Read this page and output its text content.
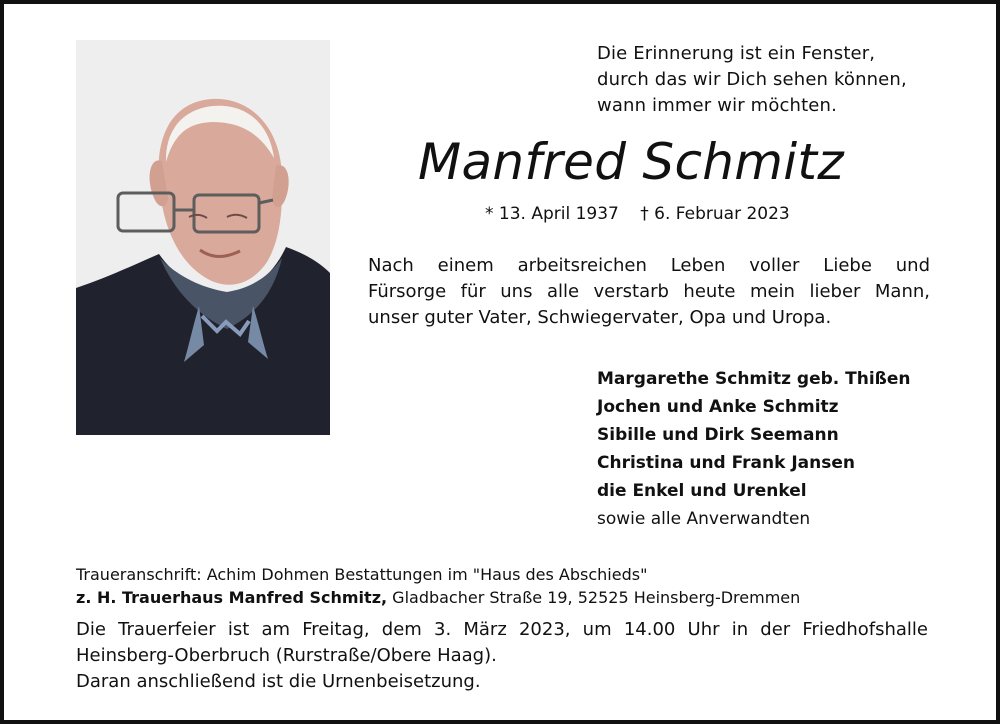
Die Erinnerung ist ein Fenster,
durch das wir Dich sehen können,
wann immer wir möchten.
Manfred Schmitz
* 13. April 1937 † 6. Februar 2023
Nach einem arbeitsreichen Leben voller Liebe und
Fürsorge für uns alle verstarb heute mein lieber Mann,
unser guter Vater, Schwiegervater, Opa und Uropa.
Margarethe Schmitz geb. Thißen
Jochen und Anke Schmitz
Sibille und Dirk Seemann
Christina und Frank Jansen
die Enkel und Urenkel
sowie alle Anverwandten
Traueranschrift: Achim Dohmen Bestattungen im "Haus des Abschieds"
z. H. Trauerhaus Manfred Schmitz, Gladbacher Straße 19, 52525 Heinsberg-Dremmen
Die Trauerfeier ist am Freitag, dem 3. März 2023, um 14.00 Uhr in der Friedhofshalle
Heinsberg-Oberbruch (Rurstraße/Obere Haag).
Daran anschließend ist die Urnenbeisetzung.
